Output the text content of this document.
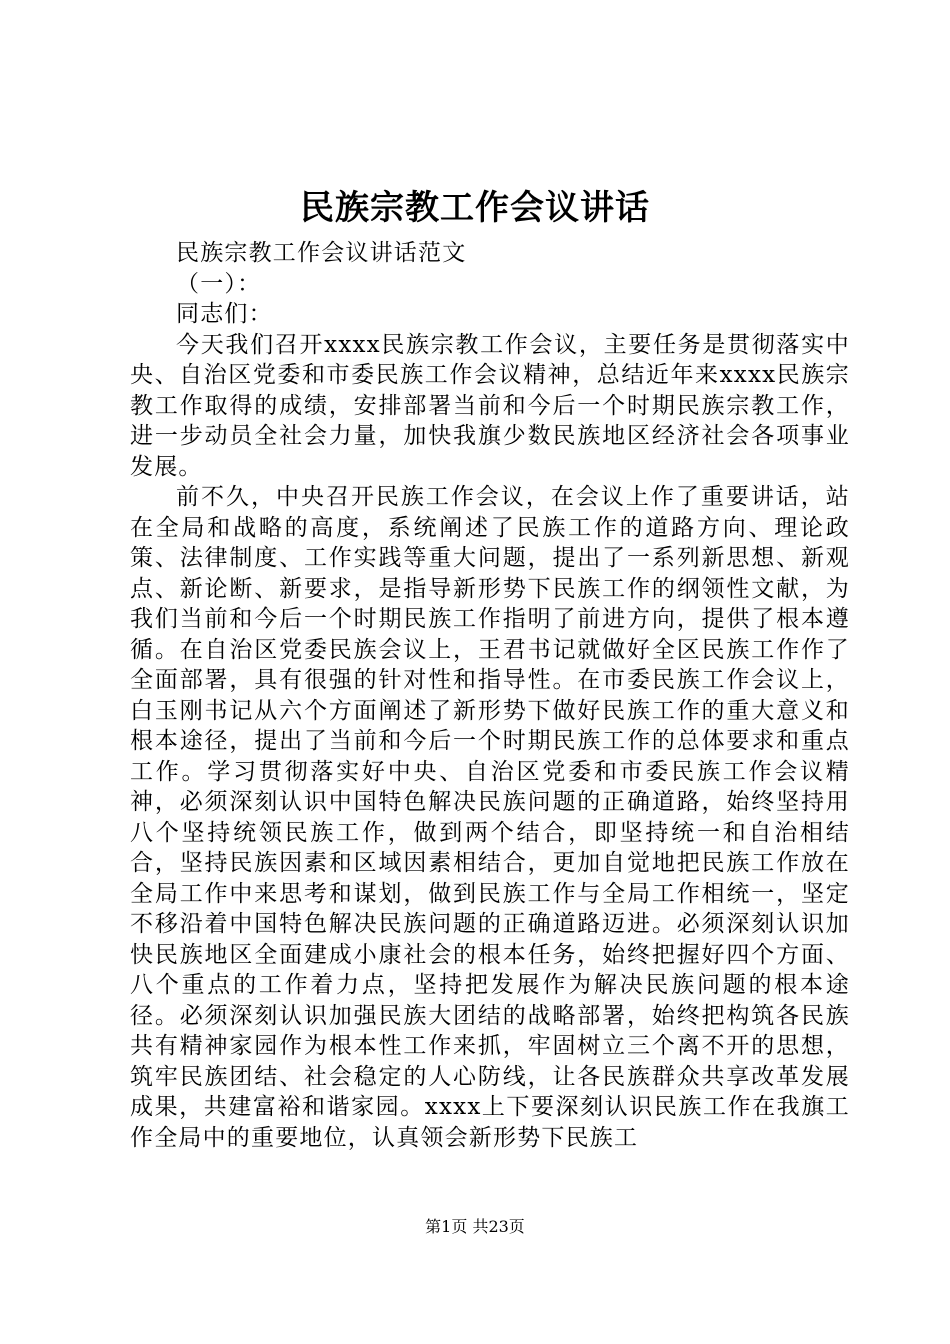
民族宗教工作会议讲话

民族宗教工作会议讲话范文

（一）：

同志们：

今天我们召开xxxx民族宗教工作会议，主要任务是贯彻落实中央、自治区党委和市委民族工作会议精神，总结近年来xxxx民族宗教工作取得的成绩，安排部署当前和今后一个时期民族宗教工作，进一步动员全社会力量，加快我旗少数民族地区经济社会各项事业发展。

前不久，中央召开民族工作会议，在会议上作了重要讲话，站在全局和战略的高度，系统阐述了民族工作的道路方向、理论政策、法律制度、工作实践等重大问题，提出了一系列新思想、新观点、新论断、新要求，是指导新形势下民族工作的纲领性文献，为我们当前和今后一个时期民族工作指明了前进方向，提供了根本遵循。在自治区党委民族会议上，王君书记就做好全区民族工作作了全面部署，具有很强的针对性和指导性。在市委民族工作会议上，白玉刚书记从六个方面阐述了新形势下做好民族工作的重大意义和根本途径，提出了当前和今后一个时期民族工作的总体要求和重点工作。学习贯彻落实好中央、自治区党委和市委民族工作会议精神，必须深刻认识中国特色解决民族问题的正确道路，始终坚持用八个坚持统领民族工作，做到两个结合，即坚持统一和自治相结合，坚持民族因素和区域因素相结合，更加自觉地把民族工作放在全局工作中来思考和谋划，做到民族工作与全局工作相统一，坚定不移沿着中国特色解决民族问题的正确道路迈进。必须深刻认识加快民族地区全面建成小康社会的根本任务，始终把握好四个方面、八个重点的工作着力点，坚持把发展作为解决民族问题的根本途径。必须深刻认识加强民族大团结的战略部署，始终把构筑各民族共有精神家园作为根本性工作来抓，牢固树立三个离不开的思想，筑牢民族团结、社会稳定的人心防线，让各民族群众共享改革发展成果，共建富裕和谐家园。xxxx上下要深刻认识民族工作在我旗工作全局中的重要地位，认真领会新形势下民族工

第1页 共23页
